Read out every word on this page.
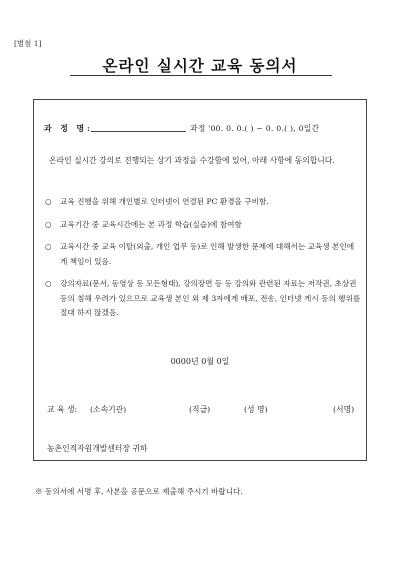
[별첨 1]
온라인 실시간 교육 동의서
과 정 명:	과정 '00. 0. 0.( ) ~ 0. 0.( ), 0일간
온라인 실시간 강의로 진행되는 상기 과정을 수강함에 있어, 아래 사항에 동의합니다.
○ 교육 진행을 위해 개인별로 인터넷이 연결된 PC 환경을 구비함.
○ 교육기간 중 교육시간에는 본 과정 학습(실습)에 참여함
○ 교육시간 중 교육 이탈(외출, 개인 업무 등)로 인해 발생한 문제에 대해서는 교육생 본인에게 책임이 있음.
○ 강의자료(문서, 동영상 등 모든형태), 강의장면 등 등 강의와 관련된 자료는 저작권, 초상권 등의 침해 우려가 있으므로 교육생 본인 외 제 3자에게 배포, 전송, 인터넷 게시 등의 행위를 절대 하지 않겠음.
0000년 0월 0일
교 육 생: (소속기관)	(직급)	(성 명)	(서명)
농촌인적자원개발센터장 귀하
※ 동의서에 서명 후, 사본을 공문으로 제출해 주시기 바랍니다.
